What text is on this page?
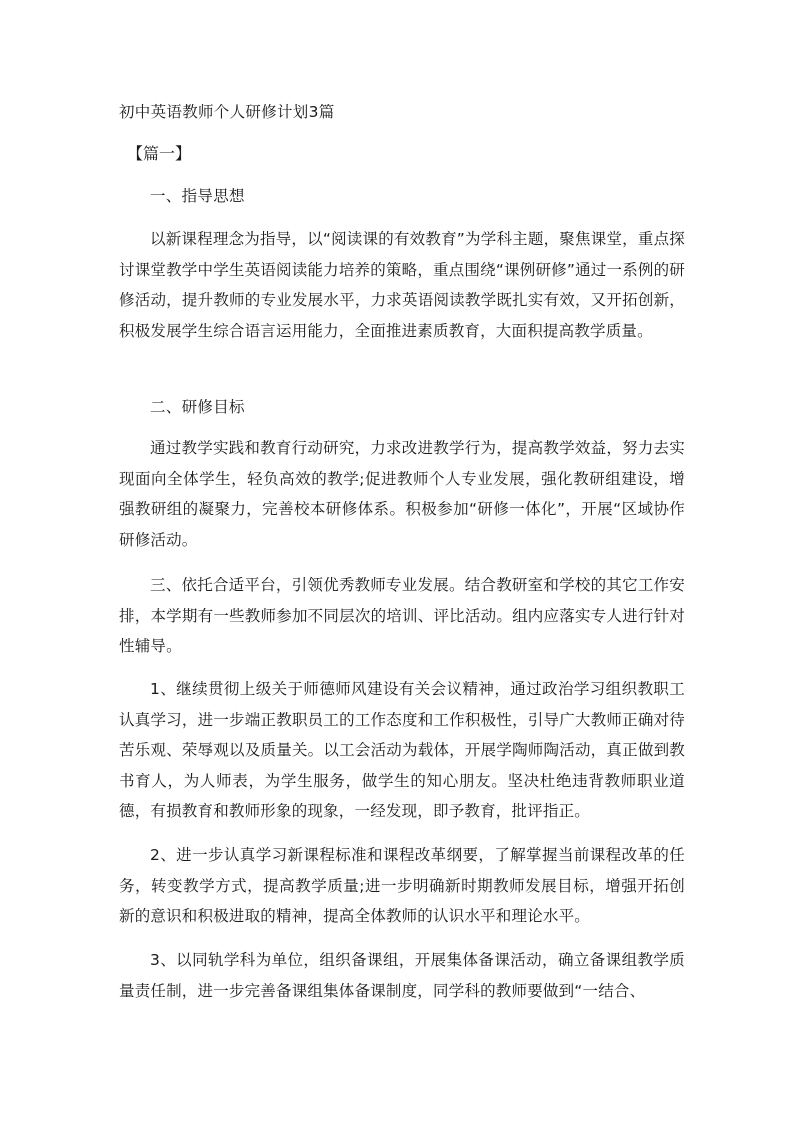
初中英语教师个人研修计划3篇
【篇一】
一、指导思想

以新课程理念为指导，以“阅读课的有效教育”为学科主题，聚焦课堂，重点探讨课堂教学中学生英语阅读能力培养的策略，重点围绕“课例研修”通过一系例的研修活动，提升教师的专业发展水平，力求英语阅读教学既扎实有效，又开拓创新，积极发展学生综合语言运用能力，全面推进素质教育，大面积提高教学质量。

二、研修目标

通过教学实践和教育行动研究，力求改进教学行为，提高教学效益，努力去实现面向全体学生，轻负高效的教学;促进教师个人专业发展，强化教研组建设，增强教研组的凝聚力，完善校本研修体系。积极参加“研修一体化”，开展“区域协作研修活动。

三、依托合适平台，引领优秀教师专业发展。结合教研室和学校的其它工作安排，本学期有一些教师参加不同层次的培训、评比活动。组内应落实专人进行针对性辅导。

1、继续贯彻上级关于师德师风建设有关会议精神，通过政治学习组织教职工认真学习，进一步端正教职员工的工作态度和工作积极性，引导广大教师正确对待苦乐观、荣辱观以及质量关。以工会活动为载体，开展学陶师陶活动，真正做到教书育人，为人师表，为学生服务，做学生的知心朋友。坚决杜绝违背教师职业道德，有损教育和教师形象的现象，一经发现，即予教育，批评指正。

2、进一步认真学习新课程标准和课程改革纲要，了解掌握当前课程改革的任务，转变教学方式，提高教学质量;进一步明确新时期教师发展目标，增强开拓创新的意识和积极进取的精神，提高全体教师的认识水平和理论水平。

3、以同轨学科为单位，组织备课组，开展集体备课活动，确立备课组教学质量责任制，进一步完善备课组集体备课制度，同学科的教师要做到“一结合、
